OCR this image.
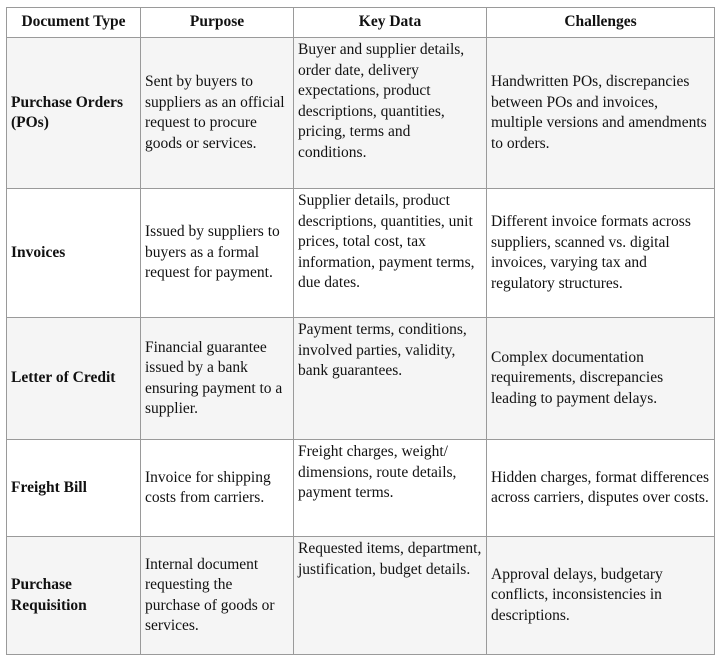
Document Type	Purpose	Key Data	Challenges
Purchase Orders (POs)	Sent by buyers to suppliers as an official request to procure goods or services.	Buyer and supplier details, order date, delivery expectations, product descriptions, quantities, pricing, terms and conditions.	Handwritten POs, discrepancies between POs and invoices, multiple versions and amendments to orders.
Invoices	Issued by suppliers to buyers as a formal request for payment.	Supplier details, product descriptions, quantities, unit prices, total cost, tax information, payment terms, due dates.	Different invoice formats across suppliers, scanned vs. digital invoices, varying tax and regulatory structures.
Letter of Credit	Financial guarantee issued by a bank ensuring payment to a supplier.	Payment terms, conditions, involved parties, validity, bank guarantees.	Complex documentation requirements, discrepancies leading to payment delays.
Freight Bill	Invoice for shipping costs from carriers.	Freight charges, weight/ dimensions, route details, payment terms.	Hidden charges, format differences across carriers, disputes over costs.
Purchase Requisition	Internal document requesting the purchase of goods or services.	Requested items, department, justification, budget details.	Approval delays, budgetary conflicts, inconsistencies in descriptions.
